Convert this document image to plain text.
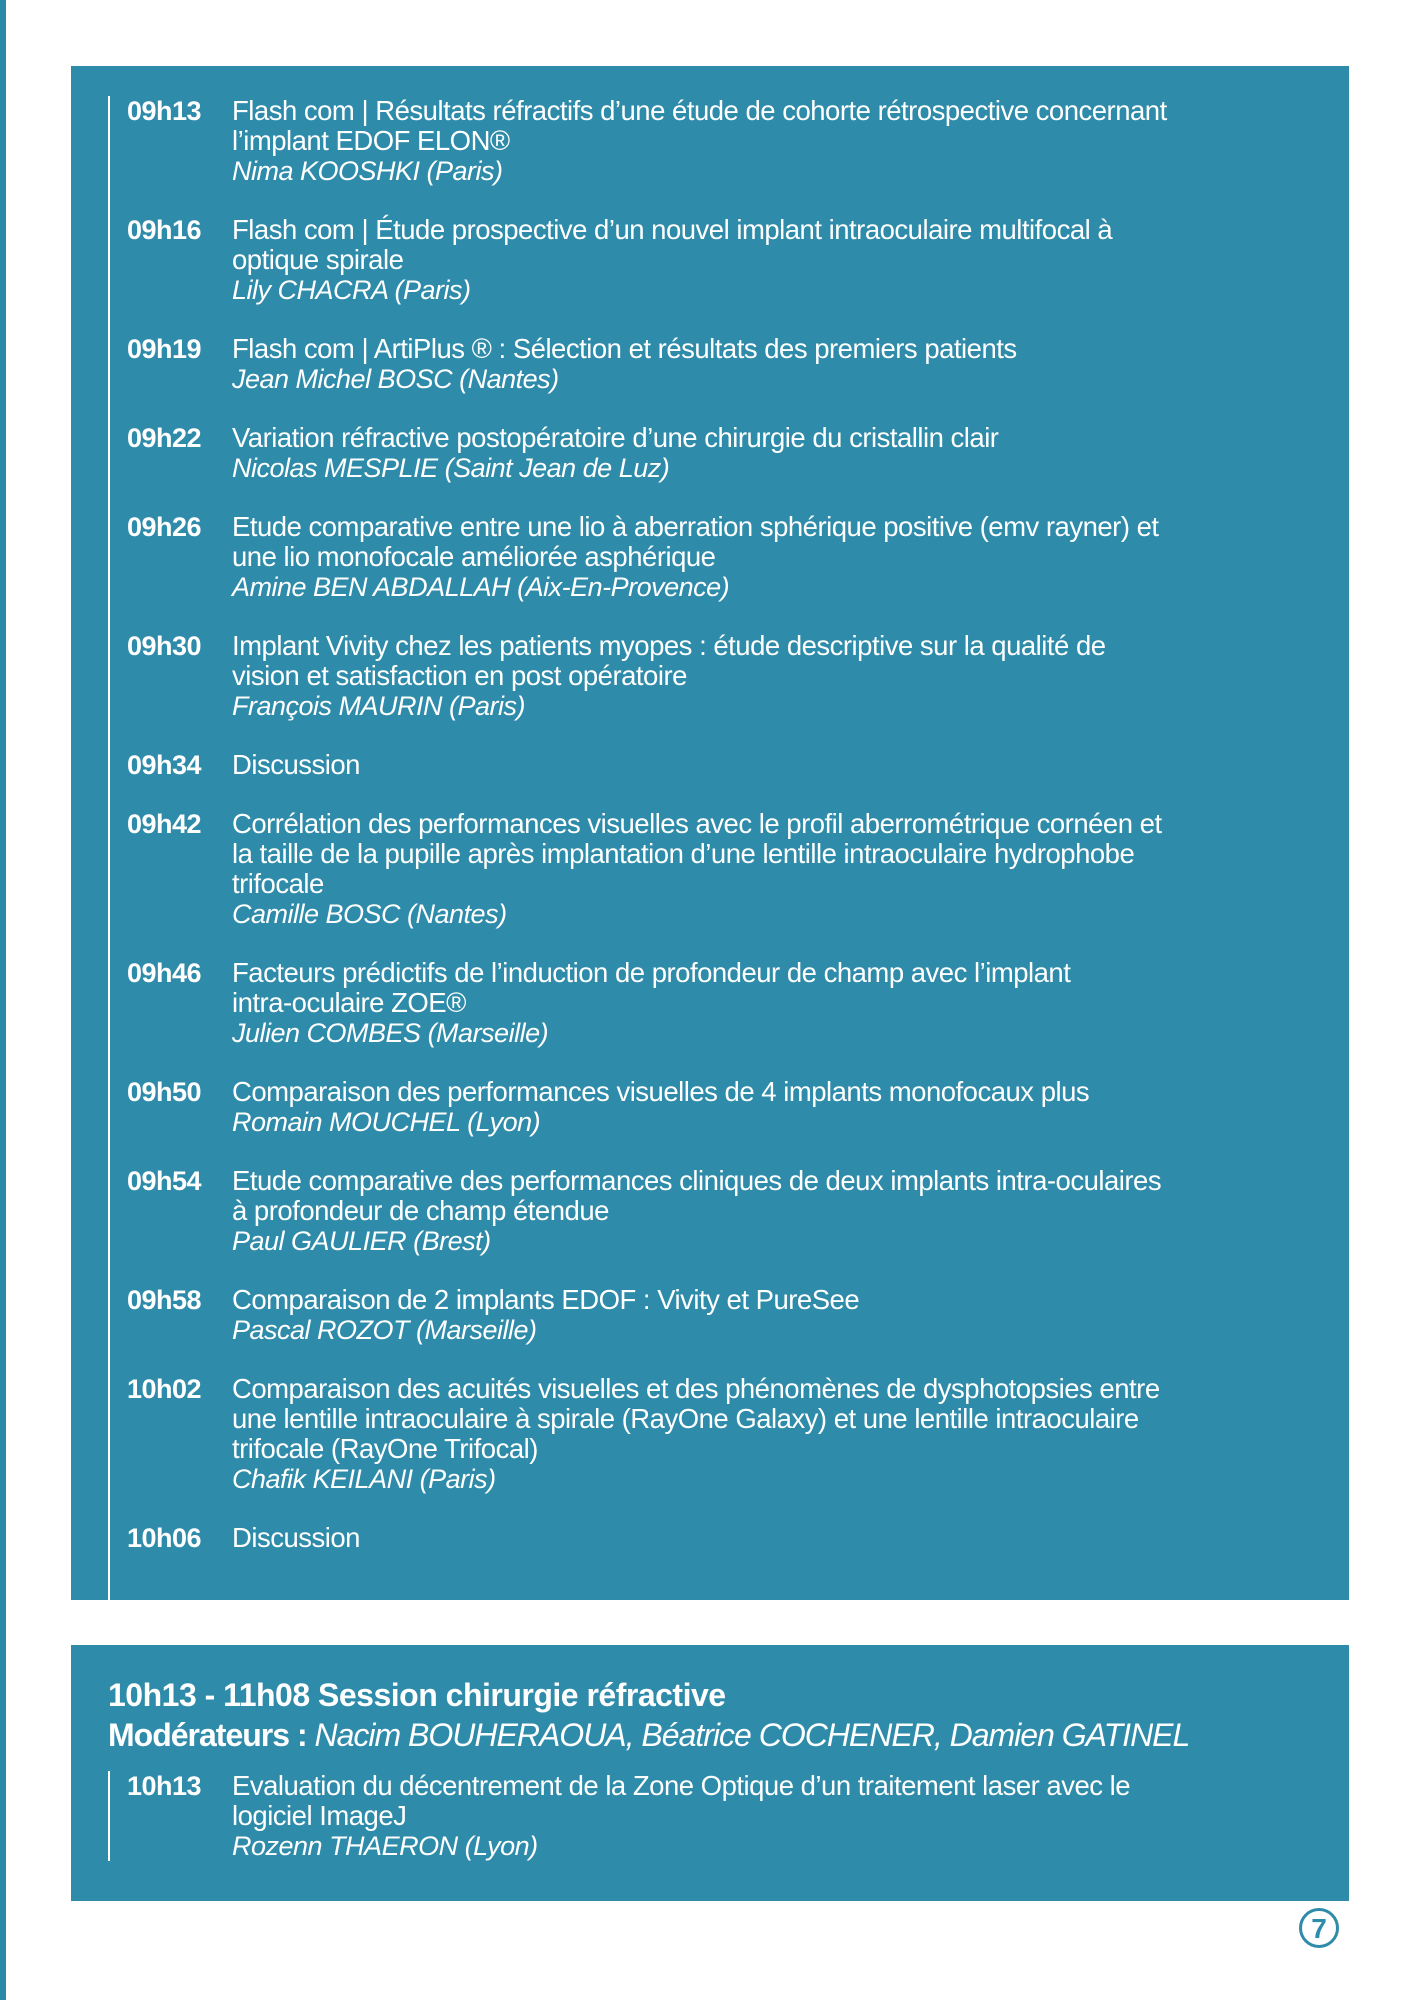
09h13	Flash com | Résultats réfractifs d’une étude de cohorte rétrospective concernant
l’implant EDOF ELON®
Nima KOOSHKI (Paris)
09h16	Flash com | Étude prospective d’un nouvel implant intraoculaire multifocal à
optique spirale
Lily CHACRA (Paris)
09h19	Flash com | ArtiPlus ® : Sélection et résultats des premiers patients
Jean Michel BOSC (Nantes)
09h22	Variation réfractive postopératoire d’une chirurgie du cristallin clair
Nicolas MESPLIE (Saint Jean de Luz)
09h26	Etude comparative entre une lio à aberration sphérique positive (emv rayner) et
une lio monofocale améliorée asphérique
Amine BEN ABDALLAH (Aix-En-Provence)
09h30	Implant Vivity chez les patients myopes : étude descriptive sur la qualité de
vision et satisfaction en post opératoire
François MAURIN (Paris)
09h34	Discussion
09h42	Corrélation des performances visuelles avec le profil aberrométrique cornéen et
la taille de la pupille après implantation d’une lentille intraoculaire hydrophobe
trifocale
Camille BOSC (Nantes)
09h46	Facteurs prédictifs de l’induction de profondeur de champ avec l’implant
intra-oculaire ZOE®
Julien COMBES (Marseille)
09h50	Comparaison des performances visuelles de 4 implants monofocaux plus
Romain MOUCHEL (Lyon)
09h54	Etude comparative des performances cliniques de deux implants intra-oculaires
à profondeur de champ étendue
Paul GAULIER (Brest)
09h58	Comparaison de 2 implants EDOF : Vivity et PureSee
Pascal ROZOT (Marseille)
10h02	Comparaison des acuités visuelles et des phénomènes de dysphotopsies entre
une lentille intraoculaire à spirale (RayOne Galaxy) et une lentille intraoculaire
trifocale (RayOne Trifocal)
Chafik KEILANI (Paris)
10h06	Discussion
10h13 - 11h08 Session chirurgie réfractive
Modérateurs : Nacim BOUHERAOUA, Béatrice COCHENER, Damien GATINEL
10h13	Evaluation du décentrement de la Zone Optique d’un traitement laser avec le
logiciel ImageJ
Rozenn THAERON (Lyon)
7
